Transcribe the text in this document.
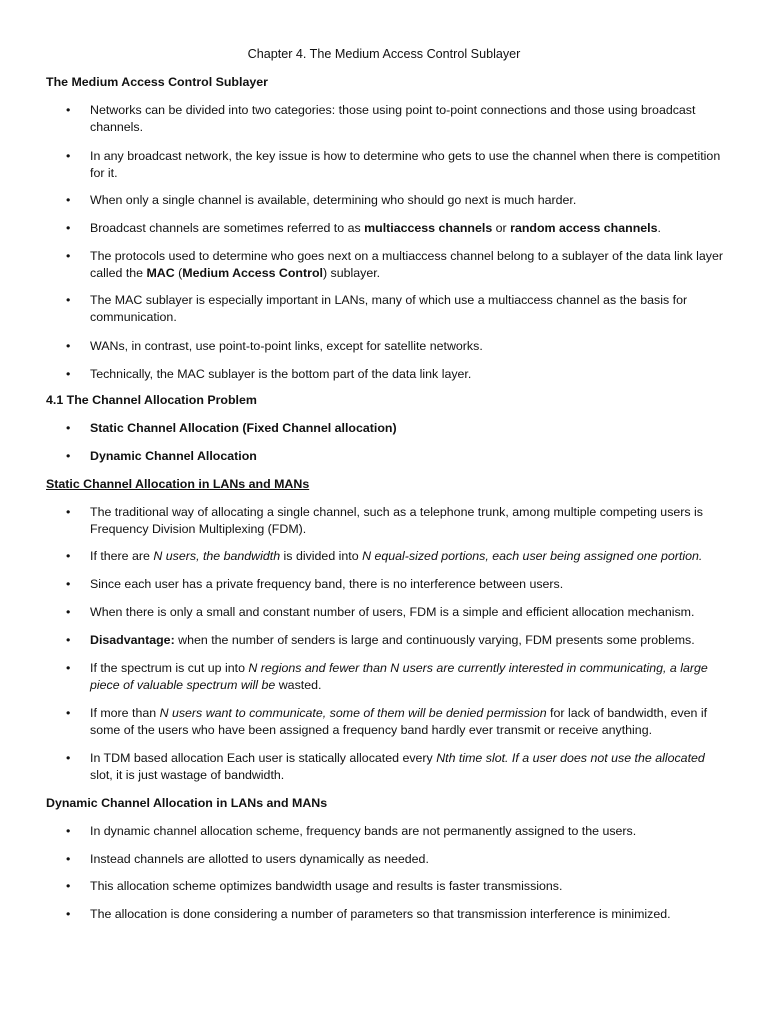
Chapter 4. The Medium Access Control Sublayer
The Medium Access Control Sublayer
•	Networks can be divided into two categories: those using point to-point connections and those using broadcast channels.
•	In any broadcast network, the key issue is how to determine who gets to use the channel when there is competition for it.
•	When only a single channel is available, determining who should go next is much harder.
•	Broadcast channels are sometimes referred to as multiaccess channels or random access channels.
•	The protocols used to determine who goes next on a multiaccess channel belong to a sublayer of the data link layer called the MAC (Medium Access Control) sublayer.
•	The MAC sublayer is especially important in LANs, many of which use a multiaccess channel as the basis for communication.
•	WANs, in contrast, use point-to-point links, except for satellite networks.
•	Technically, the MAC sublayer is the bottom part of the data link layer.
4.1 The Channel Allocation Problem
•	Static Channel Allocation (Fixed Channel allocation)
•	Dynamic Channel Allocation
Static Channel Allocation in LANs and MANs
•	The traditional way of allocating a single channel, such as a telephone trunk, among multiple competing users is Frequency Division Multiplexing (FDM).
•	If there are N users, the bandwidth is divided into N equal-sized portions, each user being assigned one portion.
•	Since each user has a private frequency band, there is no interference between users.
•	When there is only a small and constant number of users, FDM is a simple and efficient allocation mechanism.
•	Disadvantage: when the number of senders is large and continuously varying, FDM presents some problems.
•	If the spectrum is cut up into N regions and fewer than N users are currently interested in communicating, a large piece of valuable spectrum will be wasted.
•	If more than N users want to communicate, some of them will be denied permission for lack of bandwidth, even if some of the users who have been assigned a frequency band hardly ever transmit or receive anything.
•	In TDM based allocation Each user is statically allocated every Nth time slot. If a user does not use the allocated slot, it is just wastage of bandwidth.
Dynamic Channel Allocation in LANs and MANs
•	In dynamic channel allocation scheme, frequency bands are not permanently assigned to the users.
•	Instead channels are allotted to users dynamically as needed.
•	This allocation scheme optimizes bandwidth usage and results is faster transmissions.
•	The allocation is done considering a number of parameters so that transmission interference is minimized.
